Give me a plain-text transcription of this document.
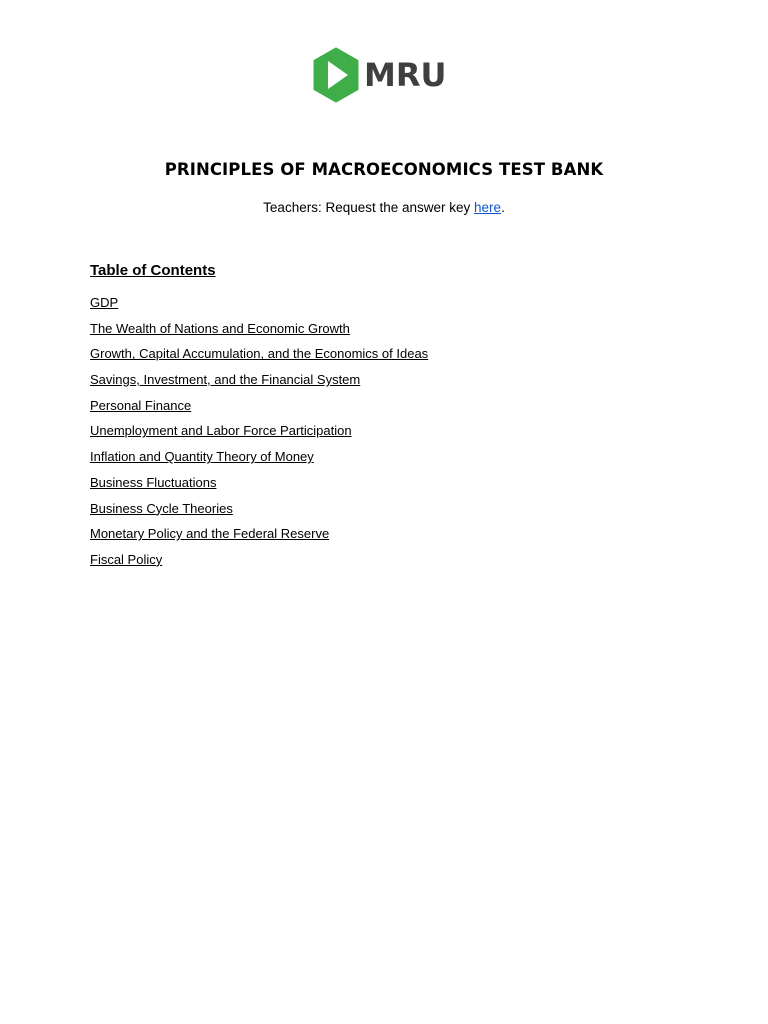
MRU
PRINCIPLES OF MACROECONOMICS TEST BANK
Teachers: Request the answer key here.
Table of Contents
GDP
The Wealth of Nations and Economic Growth
Growth, Capital Accumulation, and the Economics of Ideas
Savings, Investment, and the Financial System
Personal Finance
Unemployment and Labor Force Participation
Inflation and Quantity Theory of Money
Business Fluctuations
Business Cycle Theories
Monetary Policy and the Federal Reserve
Fiscal Policy
